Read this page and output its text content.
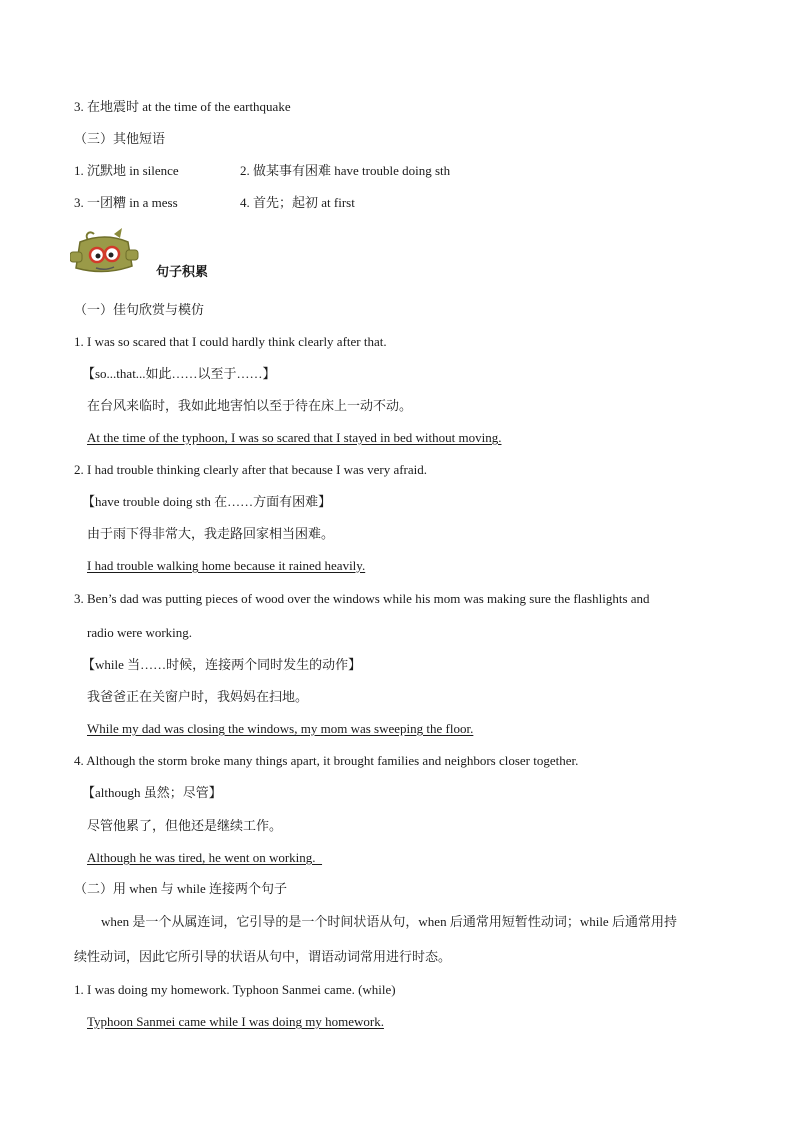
3. 在地震时 at the time of the earthquake
（三）其他短语
1. 沉默地 in silence	2. 做某事有困难 have trouble doing sth
3. 一团糟 in a mess	4. 首先；起初 at first
句子积累
（一）佳句欣赏与模仿
1. I was so scared that I could hardly think clearly after that.
【so...that...如此……以至于……】
在台风来临时，我如此地害怕以至于待在床上一动不动。
At the time of the typhoon, I was so scared that I stayed in bed without moving.
2. I had trouble thinking clearly after that because I was very afraid.
【have trouble doing sth 在……方面有困难】
由于雨下得非常大，我走路回家相当困难。
I had trouble walking home because it rained heavily.
3. Ben’s dad was putting pieces of wood over the windows while his mom was making sure the flashlights and
radio were working.
【while 当……时候，连接两个同时发生的动作】
我爸爸正在关窗户时，我妈妈在扫地。
While my dad was closing the windows, my mom was sweeping the floor.
4. Although the storm broke many things apart, it brought families and neighbors closer together.
【although 虽然；尽管】
尽管他累了，但他还是继续工作。
Although he was tired, he went on working.
（二）用 when 与 while 连接两个句子
when 是一个从属连词，它引导的是一个时间状语从句，when 后通常用短暂性动词；while 后通常用持
续性动词，因此它所引导的状语从句中，谓语动词常用进行时态。
1. I was doing my homework. Typhoon Sanmei came. (while)
Typhoon Sanmei came while I was doing my homework.
